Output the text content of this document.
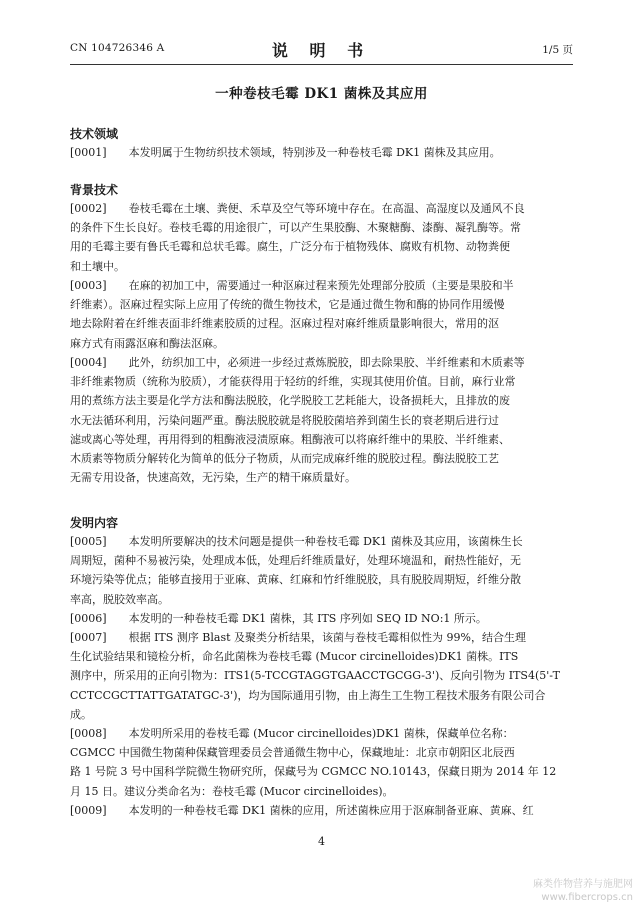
CN 104726346 A	说 明 书	1/5 页
一种卷枝毛霉 DK1 菌株及其应用
技术领域
[0001]　　本发明属于生物纺织技术领域，特别涉及一种卷枝毛霉 DK1 菌株及其应用。
背景技术
[0002]　　卷枝毛霉在土壤、粪便、禾草及空气等环境中存在。在高温、高湿度以及通风不良
的条件下生长良好。卷枝毛霉的用途很广，可以产生果胶酶、木聚糖酶、漆酶、凝乳酶等。常
用的毛霉主要有鲁氏毛霉和总状毛霉。腐生，广泛分布于植物残体、腐败有机物、动物粪便
和土壤中。
[0003]　　在麻的初加工中，需要通过一种沤麻过程来预先处理部分胶质（主要是果胶和半
纤维素）。沤麻过程实际上应用了传统的微生物技术，它是通过微生物和酶的协同作用缓慢
地去除附着在纤维表面非纤维素胶质的过程。沤麻过程对麻纤维质量影响很大，常用的沤
麻方式有雨露沤麻和酶法沤麻。
[0004]　　此外，纺织加工中，必须进一步经过煮炼脱胶，即去除果胶、半纤维素和木质素等
非纤维素物质（统称为胶质），才能获得用于轻纺的纤维，实现其使用价值。目前，麻行业常
用的煮练方法主要是化学方法和酶法脱胶，化学脱胶工艺耗能大，设备损耗大，且排放的废
水无法循环利用，污染问题严重。酶法脱胶就是将脱胶菌培养到菌生长的衰老期后进行过
滤或离心等处理，再用得到的粗酶液浸渍原麻。粗酶液可以将麻纤维中的果胶、半纤维素、
木质素等物质分解转化为简单的低分子物质，从而完成麻纤维的脱胶过程。酶法脱胶工艺
无需专用设备，快速高效，无污染，生产的精干麻质量好。
发明内容
[0005]　　本发明所要解决的技术问题是提供一种卷枝毛霉 DK1 菌株及其应用，该菌株生长
周期短，菌种不易被污染，处理成本低，处理后纤维质量好，处理环境温和，耐热性能好，无
环境污染等优点；能够直接用于亚麻、黄麻、红麻和竹纤维脱胶，具有脱胶周期短，纤维分散
率高，脱胶效率高。
[0006]　　本发明的一种卷枝毛霉 DK1 菌株，其 ITS 序列如 SEQ ID NO:1 所示。
[0007]　　根据 ITS 测序 Blast 及聚类分析结果，该菌与卷枝毛霉相似性为 99%，结合生理
生化试验结果和镜检分析，命名此菌株为卷枝毛霉 (Mucor circinelloides)DK1 菌株。ITS
测序中，所采用的正向引物为：ITS1(5-TCCGTAGGTGAACCTGCGG-3')、反向引物为 ITS4(5'-T
CCTCCGCTTATTGATATGC-3')，均为国际通用引物，由上海生工生物工程技术服务有限公司合
成。
[0008]　　本发明所采用的卷枝毛霉 (Mucor circinelloides)DK1 菌株，保藏单位名称：
CGMCC 中国微生物菌种保藏管理委员会普通微生物中心，保藏地址：北京市朝阳区北辰西
路 1 号院 3 号中国科学院微生物研究所，保藏号为 CGMCC NO.10143，保藏日期为 2014 年 12
月 15 日。建议分类命名为：卷枝毛霉 (Mucor circinelloides)。
[0009]　　本发明的一种卷枝毛霉 DK1 菌株的应用，所述菌株应用于沤麻制备亚麻、黄麻、红
4
麻类作物营养与施肥网
www.fibercrops.cn
